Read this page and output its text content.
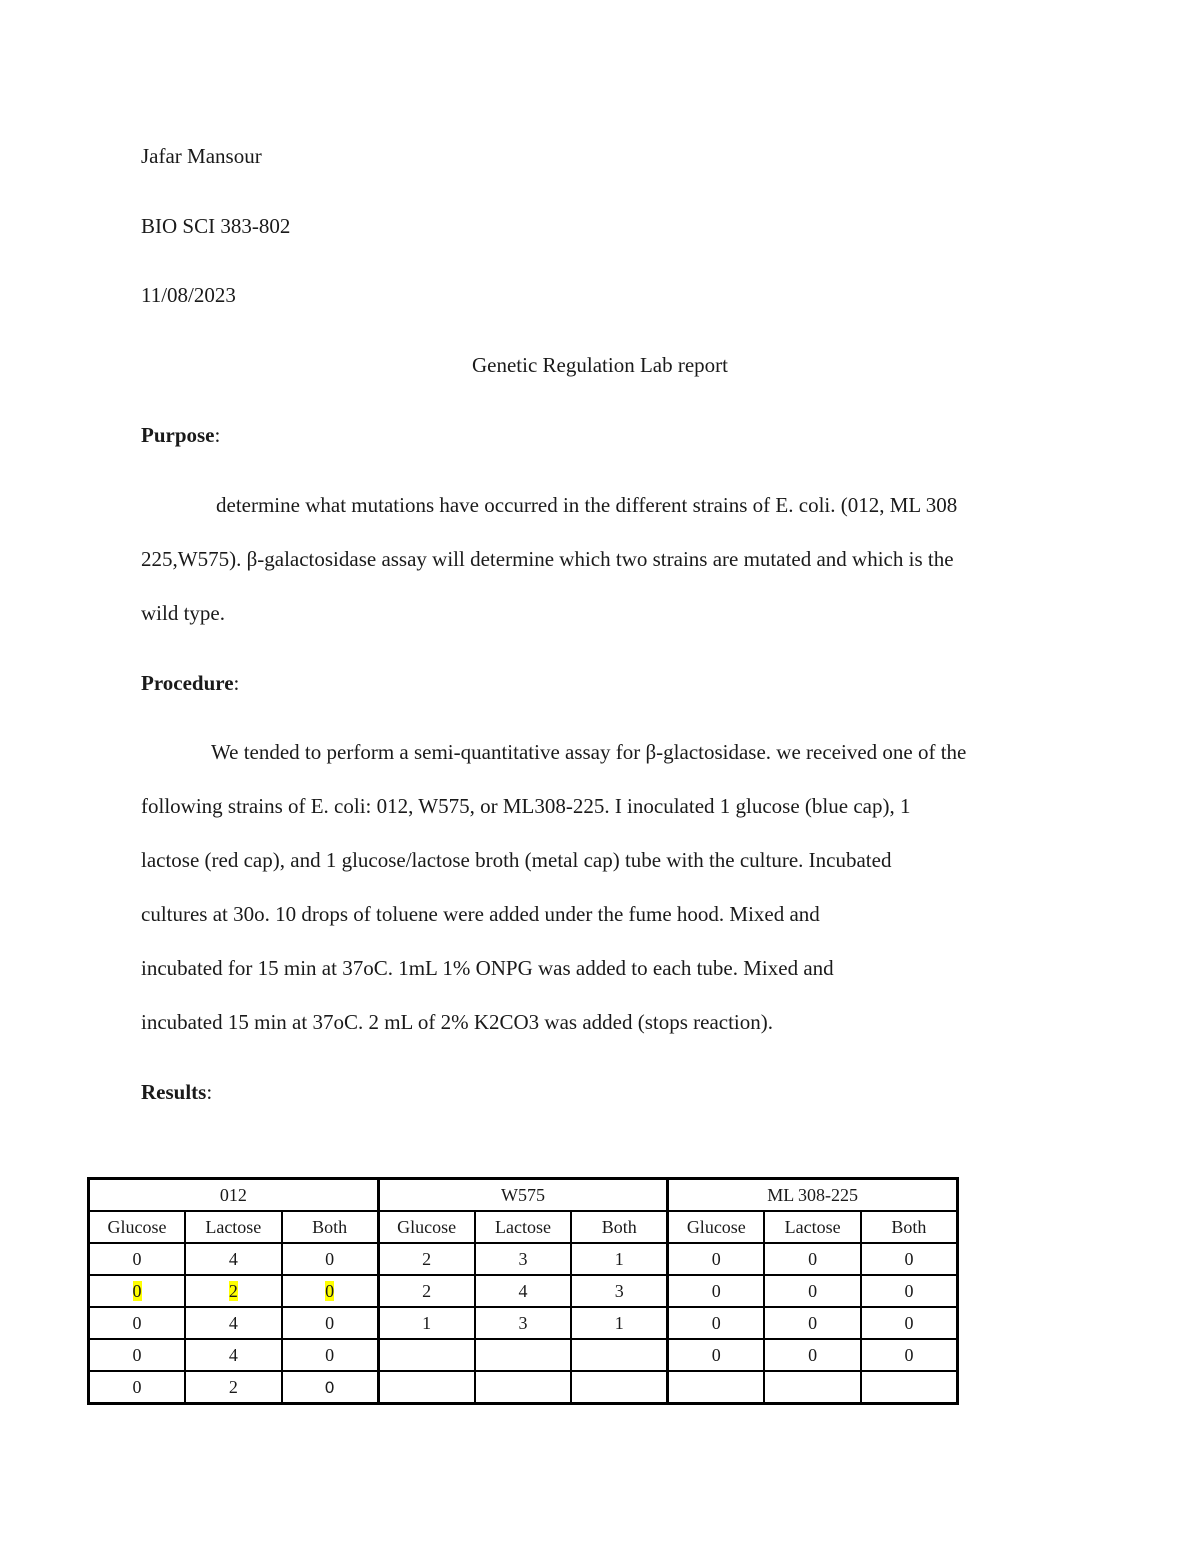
Jafar Mansour
BIO SCI 383-802
11/08/2023
Genetic Regulation Lab report
Purpose:
determine what mutations have occurred in the different strains of E. coli. (012, ML 308
225,W575). β-galactosidase assay will determine which two strains are mutated and which is the
wild type.
Procedure:
We tended to perform a semi-quantitative assay for β-glactosidase. we received one of the
following strains of E. coli: 012, W575, or ML308-225. I inoculated 1 glucose (blue cap), 1
lactose (red cap), and 1 glucose/lactose broth (metal cap) tube with the culture. Incubated
cultures at 30o. 10 drops of toluene were added under the fume hood. Mixed and
incubated for 15 min at 37oC. 1mL 1% ONPG was added to each tube. Mixed and
incubated 15 min at 37oC. 2 mL of 2% K2CO3 was added (stops reaction).
Results:
012			W575			ML 308-225		
Glucose	Lactose	Both	Glucose	Lactose	Both	Glucose	Lactose	Both
0	4	0	2	3	1	0	0	0
0	2	0	2	4	3	0	0	0
0	4	0	1	3	1	0	0	0
0	4	0				0	0	0
0	2	0						
